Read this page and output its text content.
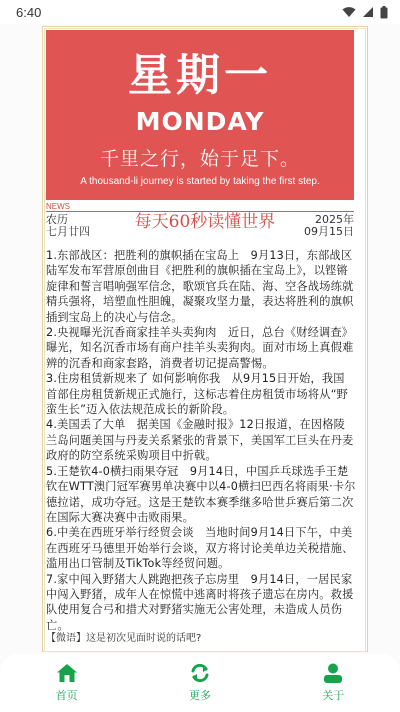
6:40
星期一
MONDAY
千里之行，始于足下。
A thousand-li journey is started by taking the first step.
NEWS
农历
七月廿四	每天60秒读懂世界	2025年
09月15日

1.东部战区：把胜利的旗帜插在宝岛上　9月13日，东部战区陆军发布军营原创曲目《把胜利的旗帜插在宝岛上》，以铿锵旋律和誓言唱响强军信念，歌颂官兵在陆、海、空各战场练就精兵强将，培塑血性胆魄，凝聚攻坚力量，表达将胜利的旗帜插到宝岛上的决心与信念。

2.央视曝光沉香商家挂羊头卖狗肉　近日，总台《财经调查》曝光，知名沉香市场有商户挂羊头卖狗肉。面对市场上真假难辨的沉香和商家套路，消费者切记提高警惕。

3.住房租赁新规来了 如何影响你我　从9月15日开始，我国首部住房租赁新规正式施行，这标志着住房租赁市场将从“野蛮生长”迈入依法规范成长的新阶段。

4.美国丢了大单　据美国《金融时报》12日报道，在因格陵兰岛问题美国与丹麦关系紧张的背景下，美国军工巨头在丹麦政府的防空系统采购项目中折戟。

5.王楚钦4-0横扫雨果夺冠　9月14日，中国乒乓球选手王楚钦在WTT澳门冠军赛男单决赛中以4-0横扫巴西名将雨果·卡尔德拉诺，成功夺冠。这是王楚钦本赛季继多哈世乒赛后第二次在国际大赛决赛中击败雨果。

6.中美在西班牙举行经贸会谈　当地时间9月14日下午，中美在西班牙马德里开始举行会谈，双方将讨论美单边关税措施、滥用出口管制及TikTok等经贸问题。

7.家中闯入野猪大人跳跑把孩子忘房里　9月14日，一居民家中闯入野猪，成年人在惊慌中逃离时将孩子遗忘在房内。救援队使用复合弓和措犬对野猪实施无公害处理，未造成人员伤亡。

【微语】这是初次见面时说的话吧?
首页	更多	关于
